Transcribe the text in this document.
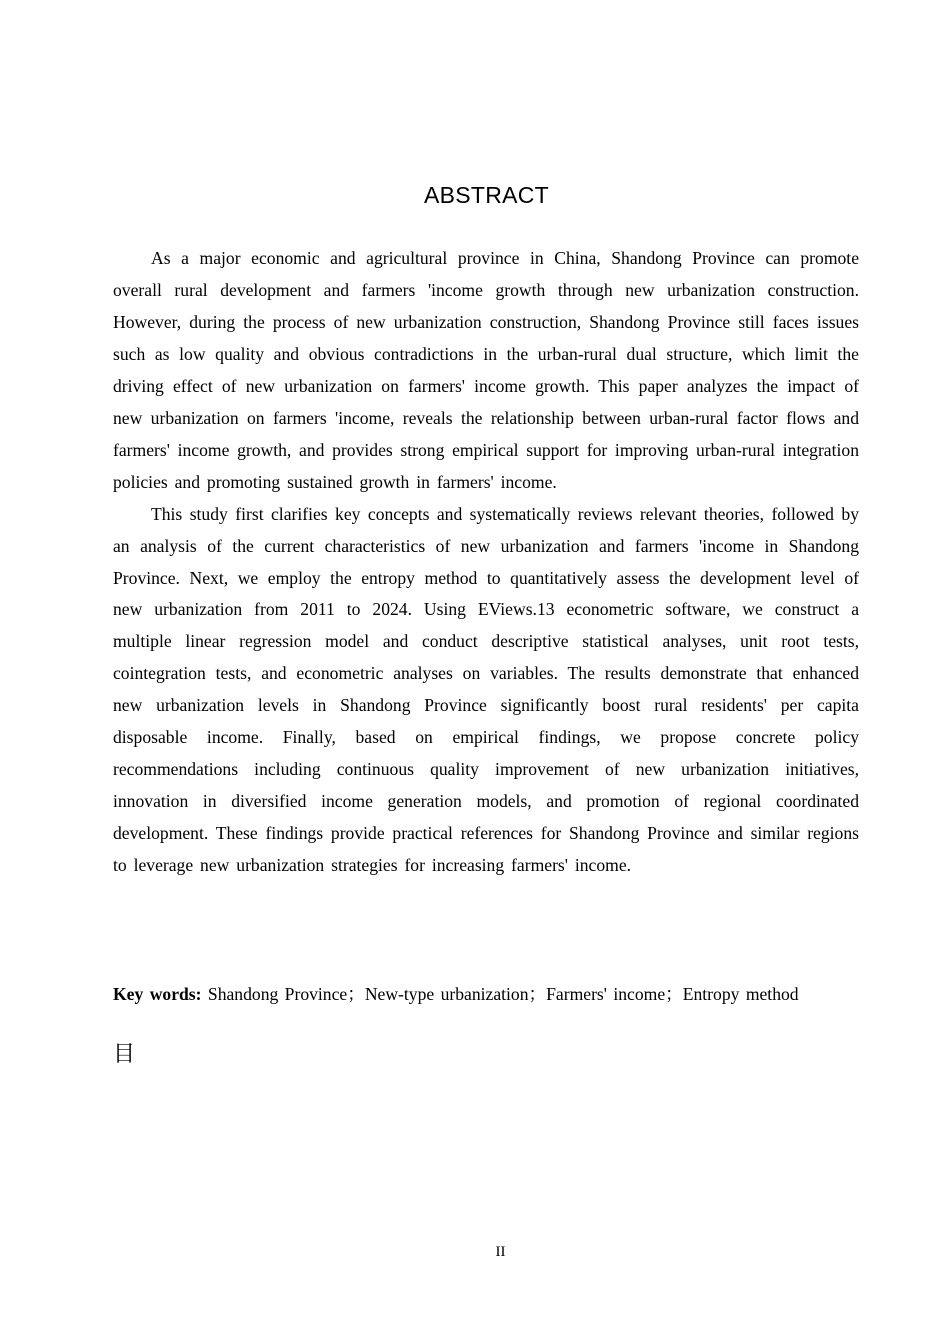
ABSTRACT

As a major economic and agricultural province in China, Shandong Province can promote overall rural development and farmers 'income growth through new urbanization construction. However, during the process of new urbanization construction, Shandong Province still faces issues such as low quality and obvious contradictions in the urban-rural dual structure, which limit the driving effect of new urbanization on farmers' income growth. This paper analyzes the impact of new urbanization on farmers 'income, reveals the relationship between urban-rural factor flows and farmers' income growth, and provides strong empirical support for improving urban-rural integration policies and promoting sustained growth in farmers' income.

This study first clarifies key concepts and systematically reviews relevant theories, followed by an analysis of the current characteristics of new urbanization and farmers 'income in Shandong Province. Next, we employ the entropy method to quantitatively assess the development level of new urbanization from 2011 to 2024. Using EViews.13 econometric software, we construct a multiple linear regression model and conduct descriptive statistical analyses, unit root tests, cointegration tests, and econometric analyses on variables. The results demonstrate that enhanced new urbanization levels in Shandong Province significantly boost rural residents' per capita disposable income. Finally, based on empirical findings, we propose concrete policy recommendations including continuous quality improvement of new urbanization initiatives, innovation in diversified income generation models, and promotion of regional coordinated development. These findings provide practical references for Shandong Province and similar regions to leverage new urbanization strategies for increasing farmers' income.

Key words: Shandong Province；New-type urbanization；Farmers' income；Entropy method

目
II
